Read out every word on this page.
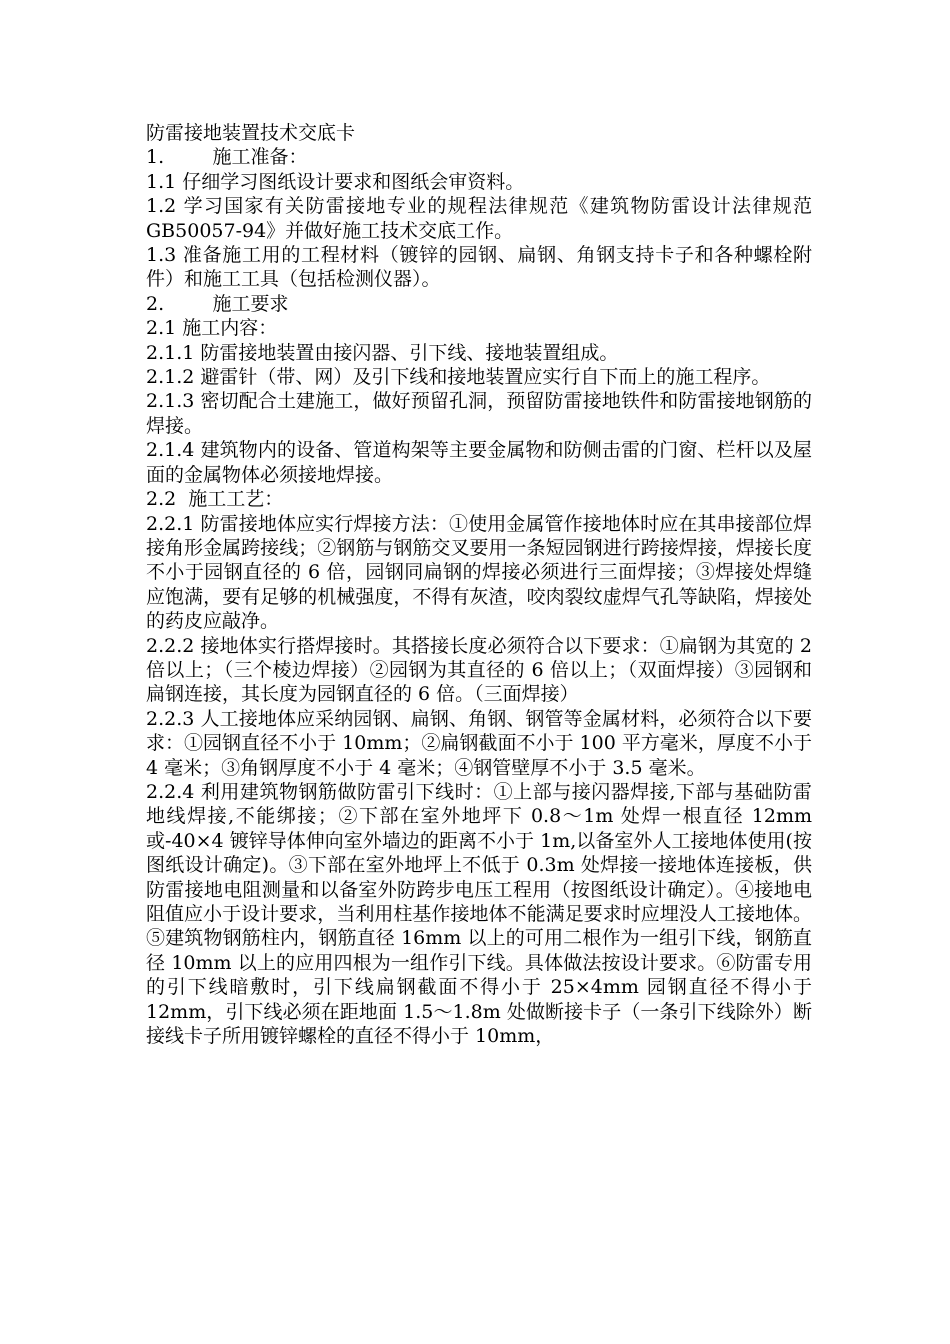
防雷接地装置技术交底卡

1.        施工准备：

1.1 仔细学习图纸设计要求和图纸会审资料。

1.2 学习国家有关防雷接地专业的规程法律规范《建筑物防雷设计法律规范 GB50057-94》并做好施工技术交底工作。

1.3 准备施工用的工程材料（镀锌的园钢、扁钢、角钢支持卡子和各种螺栓附件）和施工工具（包括检测仪器）。

2.        施工要求

2.1 施工内容：

2.1.1 防雷接地装置由接闪器、引下线、接地装置组成。

2.1.2 避雷针（带、网）及引下线和接地装置应实行自下而上的施工程序。

2.1.3 密切配合土建施工，做好预留孔洞，预留防雷接地铁件和防雷接地钢筋的焊接。

2.1.4 建筑物内的设备、管道构架等主要金属物和防侧击雷的门窗、栏杆以及屋面的金属物体必须接地焊接。

2.2  施工工艺：

2.2.1 防雷接地体应实行焊接方法：①使用金属管作接地体时应在其串接部位焊接角形金属跨接线；②钢筋与钢筋交叉要用一条短园钢进行跨接焊接，焊接长度不小于园钢直径的 6 倍，园钢同扁钢的焊接必须进行三面焊接；③焊接处焊缝应饱满，要有足够的机械强度，不得有灰渣，咬肉裂纹虚焊气孔等缺陷，焊接处的药皮应敲净。

2.2.2 接地体实行搭焊接时。其搭接长度必须符合以下要求：①扁钢为其宽的 2 倍以上；（三个棱边焊接）②园钢为其直径的 6 倍以上；（双面焊接）③园钢和扁钢连接，其长度为园钢直径的 6 倍。（三面焊接）

2.2.3 人工接地体应采纳园钢、扁钢、角钢、钢管等金属材料，必须符合以下要求：①园钢直径不小于 10mm；②扁钢截面不小于 100 平方毫米，厚度不小于 4 毫米；③角钢厚度不小于 4 毫米；④钢管壁厚不小于 3.5 毫米。

2.2.4 利用建筑物钢筋做防雷引下线时：①上部与接闪器焊接,下部与基础防雷地线焊接,不能绑接；②下部在室外地坪下 0.8～1m 处焊一根直径 12mm 或-40×4 镀锌导体伸向室外墙边的距离不小于 1m,以备室外人工接地体使用(按图纸设计确定)。③下部在室外地坪上不低于 0.3m 处焊接一接地体连接板，供防雷接地电阻测量和以备室外防跨步电压工程用（按图纸设计确定）。④接地电阻值应小于设计要求，当利用柱基作接地体不能满足要求时应埋没人工接地体。⑤建筑物钢筋柱内，钢筋直径 16mm 以上的可用二根作为一组引下线，钢筋直径 10mm 以上的应用四根为一组作引下线。具体做法按设计要求。⑥防雷专用的引下线暗敷时，引下线扁钢截面不得小于 25×4mm 园钢直径不得小于 12mm，引下线必须在距地面 1.5～1.8m 处做断接卡子（一条引下线除外）断接线卡子所用镀锌螺栓的直径不得小于 10mm，
